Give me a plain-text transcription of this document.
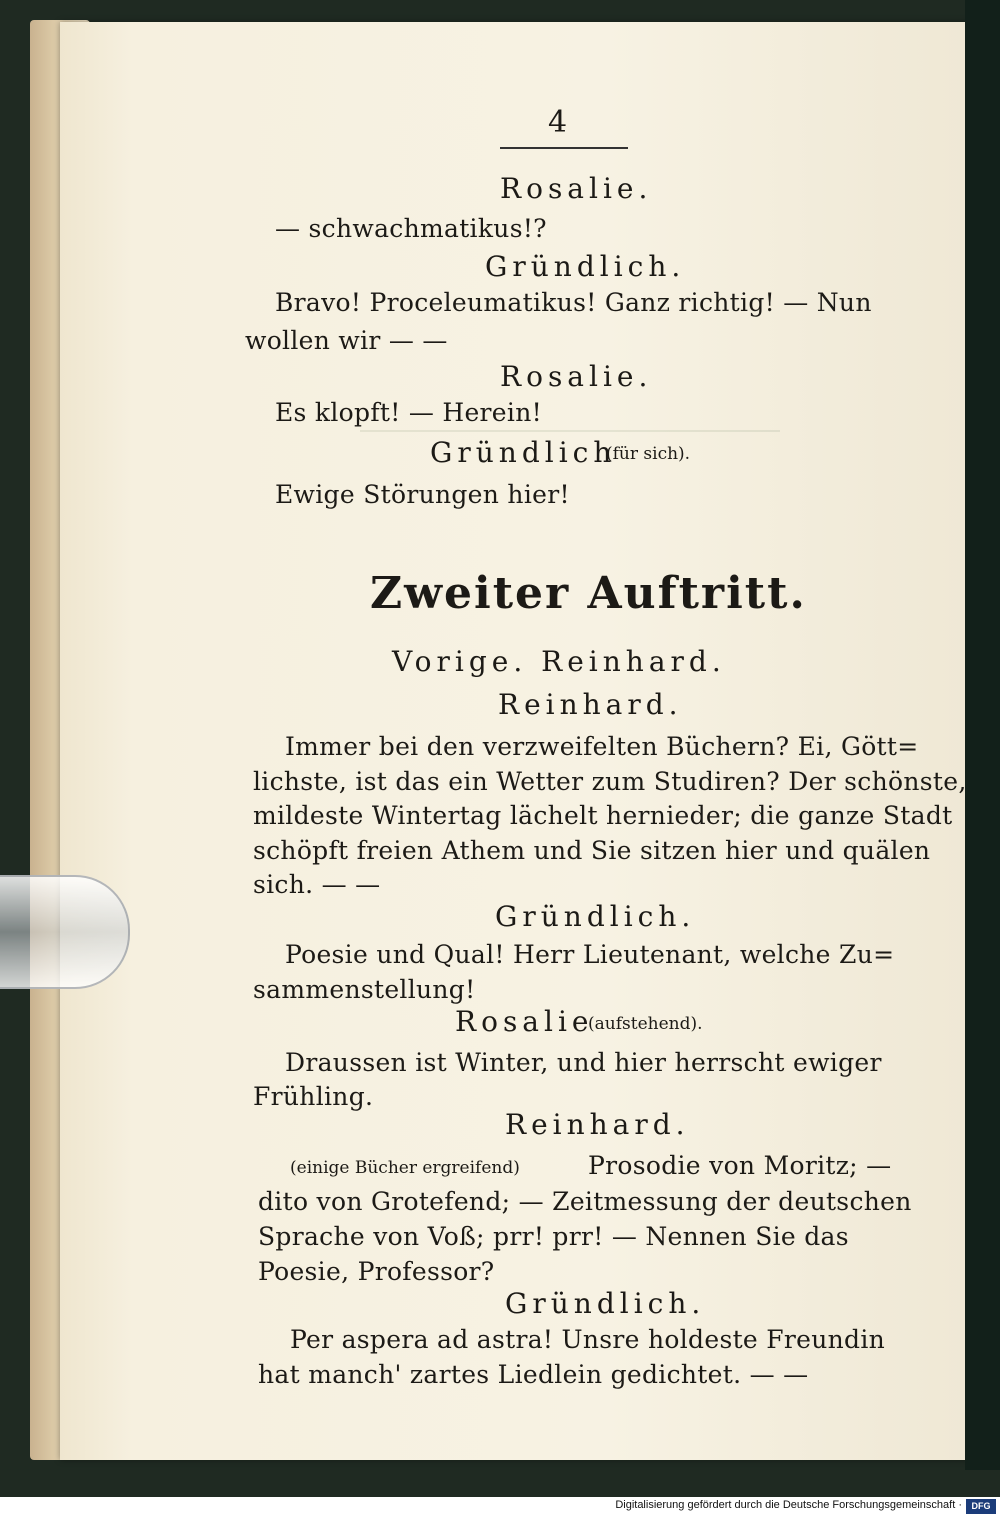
4
Rosalie.
— schwachmatikus!?
Gründlich.
Bravo! Proceleumatikus! Ganz richtig! — Nun
wollen wir — —
Rosalie.
Es klopft! — Herein!
Gründlich
(für sich).
Ewige Störungen hier!
Zweiter Auftritt.
Vorige. Reinhard.
Reinhard.
Immer bei den verzweifelten Büchern? Ei, Gött=
lichste, ist das ein Wetter zum Studiren? Der schönste,
mildeste Wintertag lächelt hernieder; die ganze Stadt
schöpft freien Athem und Sie sitzen hier und quälen
sich. — —
Gründlich.
Poesie und Qual! Herr Lieutenant, welche Zu=
sammenstellung!
Rosalie
(aufstehend).
Draussen ist Winter, und hier herrscht ewiger
Frühling.
Reinhard.
(einige Bücher ergreifend)	Prosodie von Moritz; —
dito von Grotefend; — Zeitmessung der deutschen
Sprache von Voß; prr! prr! — Nennen Sie das
Poesie, Professor?
Gründlich.
Per aspera ad astra! Unsre holdeste Freundin
hat manch' zartes Liedlein gedichtet. — —
Digitalisierung gefördert durch die Deutsche Forschungsgemeinschaft ·	DFG
